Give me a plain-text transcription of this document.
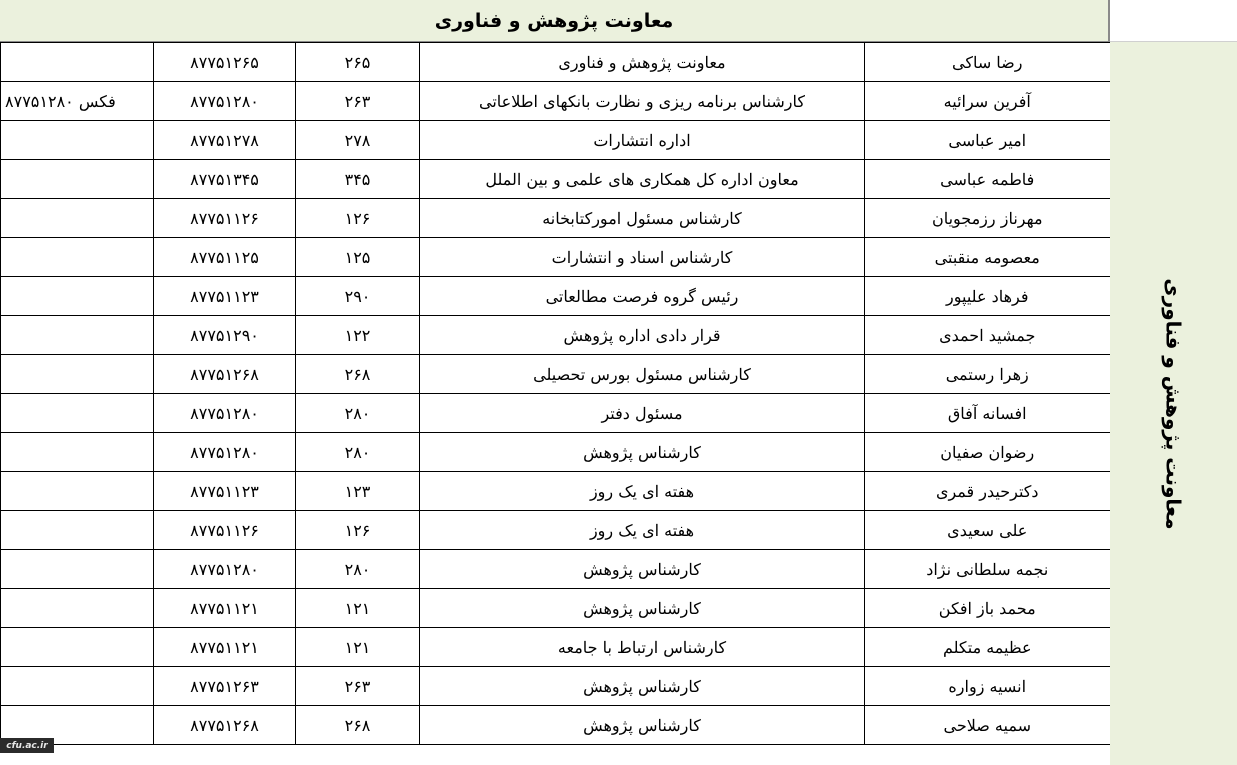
معاونت پژوهش و فناوری
	۸۷۷۵۱۲۶۵	۲۶۵	معاونت پژوهش و فناوری	رضا ساکی
فکس ۸۷۷۵۱۲۸۰	۸۷۷۵۱۲۸۰	۲۶۳	کارشناس برنامه ریزی و نظارت بانکهای اطلاعاتی	آفرین سرائیه
	۸۷۷۵۱۲۷۸	۲۷۸	اداره انتشارات	امیر عباسی
	۸۷۷۵۱۳۴۵	۳۴۵	معاون اداره کل همکاری های علمی و بین الملل	فاطمه عباسی
	۸۷۷۵۱۱۲۶	۱۲۶	کارشناس مسئول امورکتابخانه	مهرناز رزمجویان
	۸۷۷۵۱۱۲۵	۱۲۵	کارشناس اسناد و انتشارات	معصومه منقبتی
	۸۷۷۵۱۱۲۳	۲۹۰	رئیس گروه فرصت مطالعاتی	فرهاد علیپور
	۸۷۷۵۱۲۹۰	۱۲۲	قرار دادی اداره پژوهش	جمشید احمدی
	۸۷۷۵۱۲۶۸	۲۶۸	کارشناس مسئول بورس تحصیلی	زهرا رستمی
	۸۷۷۵۱۲۸۰	۲۸۰	مسئول دفتر	افسانه آفاق
	۸۷۷۵۱۲۸۰	۲۸۰	کارشناس پژوهش	رضوان صفیان
	۸۷۷۵۱۱۲۳	۱۲۳	هفته ای یک روز	دکترحیدر قمری
	۸۷۷۵۱۱۲۶	۱۲۶	هفته ای یک روز	علی سعیدی
	۸۷۷۵۱۲۸۰	۲۸۰	کارشناس پژوهش	نجمه سلطانی نژاد
	۸۷۷۵۱۱۲۱	۱۲۱	کارشناس پژوهش	محمد باز افکن
	۸۷۷۵۱۱۲۱	۱۲۱	کارشناس ارتباط با جامعه	عظیمه متکلم
	۸۷۷۵۱۲۶۳	۲۶۳	کارشناس پژوهش	انسیه زواره
	۸۷۷۵۱۲۶۸	۲۶۸	کارشناس پژوهش	سمیه صلاحی
معاونت پژوهش و فناوری
cfu.ac.ir
